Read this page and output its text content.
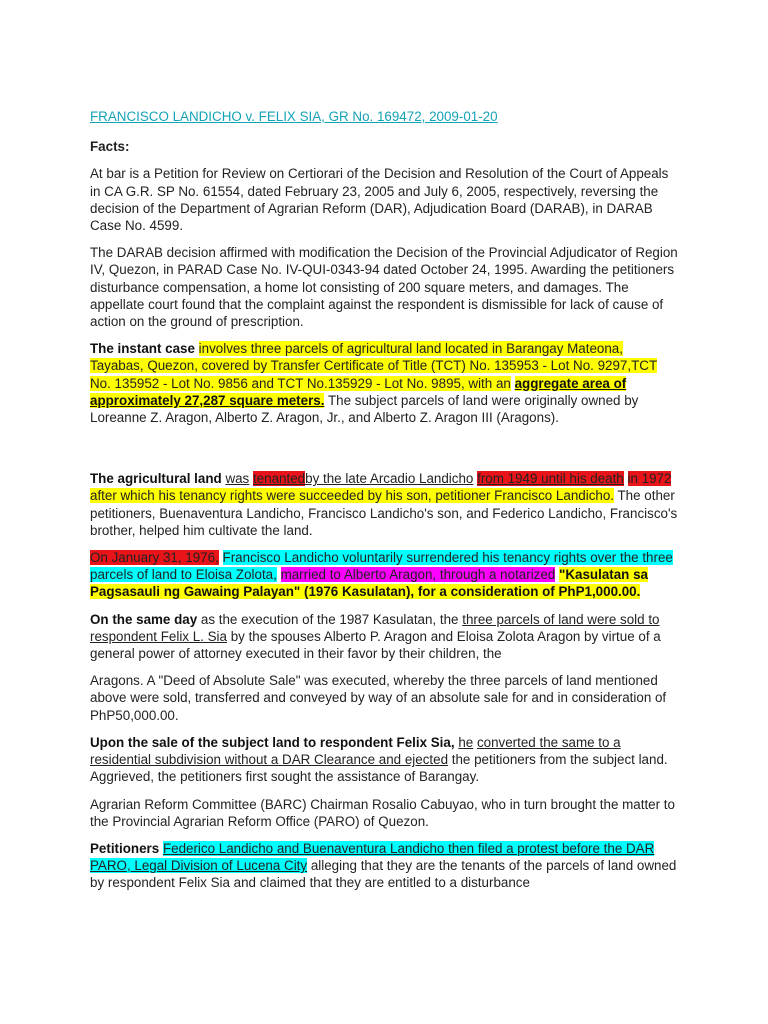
FRANCISCO LANDICHO v. FELIX SIA, GR No. 169472, 2009-01-20
Facts:

At bar is a Petition for Review on Certiorari of the Decision and Resolution of the Court of Appeals in CA G.R. SP No. 61554, dated February 23, 2005 and July 6, 2005, respectively, reversing the decision of the Department of Agrarian Reform (DAR), Adjudication Board (DARAB), in DARAB Case No. 4599.

The DARAB decision affirmed with modification the Decision of the Provincial Adjudicator of Region IV, Quezon, in PARAD Case No. IV-QUI-0343-94 dated October 24, 1995. Awarding the petitioners disturbance compensation, a home lot consisting of 200 square meters, and damages. The appellate court found that the complaint against the respondent is dismissible for lack of cause of action on the ground of prescription.

The instant case involves three parcels of agricultural land located in Barangay Mateona, Tayabas, Quezon, covered by Transfer Certificate of Title (TCT) No. 135953 - Lot No. 9297,TCT No. 135952 - Lot No. 9856 and TCT No.135929 - Lot No. 9895, with an aggregate area of approximately 27,287 square meters. The subject parcels of land were originally owned by Loreanne Z. Aragon, Alberto Z. Aragon, Jr., and Alberto Z. Aragon III (Aragons).

The agricultural land was tenantedby the late Arcadio Landicho from 1949 until his death in 1972 after which his tenancy rights were succeeded by his son, petitioner Francisco Landicho. The other petitioners, Buenaventura Landicho, Francisco Landicho's son, and Federico Landicho, Francisco's brother, helped him cultivate the land.

On January 31, 1976, Francisco Landicho voluntarily surrendered his tenancy rights over the three parcels of land to Eloisa Zolota, married to Alberto Aragon, through a notarized "Kasulatan sa Pagsasauli ng Gawaing Palayan" (1976 Kasulatan), for a consideration of PhP1,000.00.

On the same day as the execution of the 1987 Kasulatan, the three parcels of land were sold to respondent Felix L. Sia by the spouses Alberto P. Aragon and Eloisa Zolota Aragon by virtue of a general power of attorney executed in their favor by their children, the

Aragons. A "Deed of Absolute Sale" was executed, whereby the three parcels of land mentioned above were sold, transferred and conveyed by way of an absolute sale for and in consideration of PhP50,000.00.

Upon the sale of the subject land to respondent Felix Sia, he converted the same to a residential subdivision without a DAR Clearance and ejected the petitioners from the subject land. Aggrieved, the petitioners first sought the assistance of Barangay.

Agrarian Reform Committee (BARC) Chairman Rosalio Cabuyao, who in turn brought the matter to the Provincial Agrarian Reform Office (PARO) of Quezon.

Petitioners Federico Landicho and Buenaventura Landicho then filed a protest before the DAR PARO, Legal Division of Lucena City alleging that they are the tenants of the parcels of land owned by respondent Felix Sia and claimed that they are entitled to a disturbance
